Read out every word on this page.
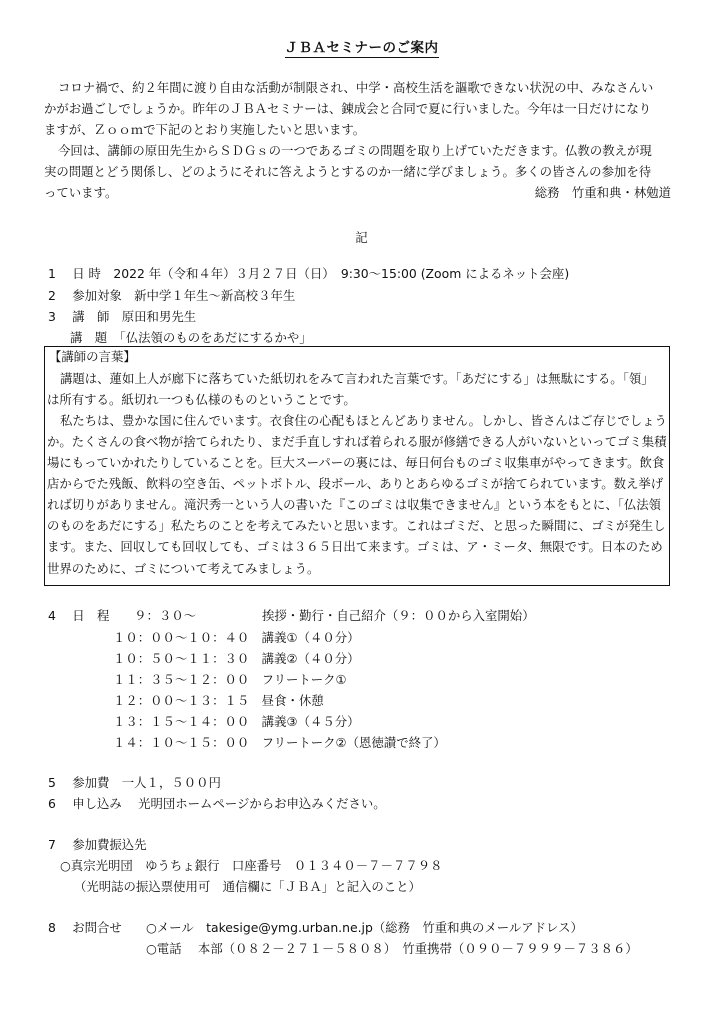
ＪＢＡセミナーのご案内
コロナ禍で、約２年間に渡り自由な活動が制限され、中学・高校生活を謳歌できない状況の中、みなさんい
かがお過ごしでしょうか。昨年のＪＢＡセミナーは、錬成会と合同で夏に行いました。今年は一日だけになり
ますが、Ｚｏｏｍで下記のとおり実施したいと思います。
今回は、講師の原田先生からＳＤＧｓの一つであるゴミの問題を取り上げていただきます。仏教の教えが現
実の問題とどう関係し、どのようにそれに答えようとするのか一緒に学びましょう。多くの皆さんの参加を待
っています。	総務　竹重和典・林勉道
記
1　 日 時　2022 年（令和４年）３月２７日（日）　9:30～15:00 (Zoom によるネット会座)
2　 参加対象　新中学１年生～新高校３年生
3　 講　師　原田和男先生
講　題　「仏法領のものをあだにするかや」
【講師の言葉】
講題は、蓮如上人が廊下に落ちていた紙切れをみて言われた言葉です。「あだにする」は無駄にする。「領」
は所有する。紙切れ一つも仏様のものということです。
私たちは、豊かな国に住んでいます。衣食住の心配もほとんどありません。しかし、皆さんはご存じでしょう
か。たくさんの食べ物が捨てられたり、まだ手直しすれば着られる服が修繕できる人がいないといってゴミ集積
場にもっていかれたりしていることを。巨大スーパーの裏には、毎日何台ものゴミ収集車がやってきます。飲食
店からでた残飯、飲料の空き缶、ペットボトル、段ボール、ありとあらゆるゴミが捨てられています。数え挙げ
れば切りがありません。滝沢秀一という人の書いた『このゴミは収集できません』という本をもとに、「仏法領
のものをあだにする」私たちのことを考えてみたいと思います。これはゴミだ、と思った瞬間に、ゴミが発生し
ます。また、回収しても回収しても、ゴミは３６５日出て来ます。ゴミは、ア・ミータ、無限です。日本のため
世界のために、ゴミについて考えてみましょう。
4　 日　程　　９：３０～	挨拶・勤行・自己紹介（９：００から入室開始）
１０：００～１０：４０　講義①（４０分）
１０：５０～１１：３０　講義②（４０分）
１１：３５～１２：００　フリートーク①
１２：００～１３：１５　昼食・休憩
１３：１５～１４：００　講義③（４５分）
１４：１０～１５：００　フリートーク②（恩徳讃で終了）
5　 参加費　一人１，５００円
6　 申し込み　 光明団ホームページからお申込みください。
7　 参加費振込先
○真宗光明団　ゆうちょ銀行　口座番号　０１３４０－７－７７９８
（光明誌の振込票使用可　通信欄に「ＪＢＡ」と記入のこと）
8　 お問合せ ○メール　takesige@ymg.urban.ne.jp（総務　竹重和典のメールアドレス）
○電話　 本部（０８２－２７１－５８０８）　竹重携帯（０９０－７９９９－７３８６）
